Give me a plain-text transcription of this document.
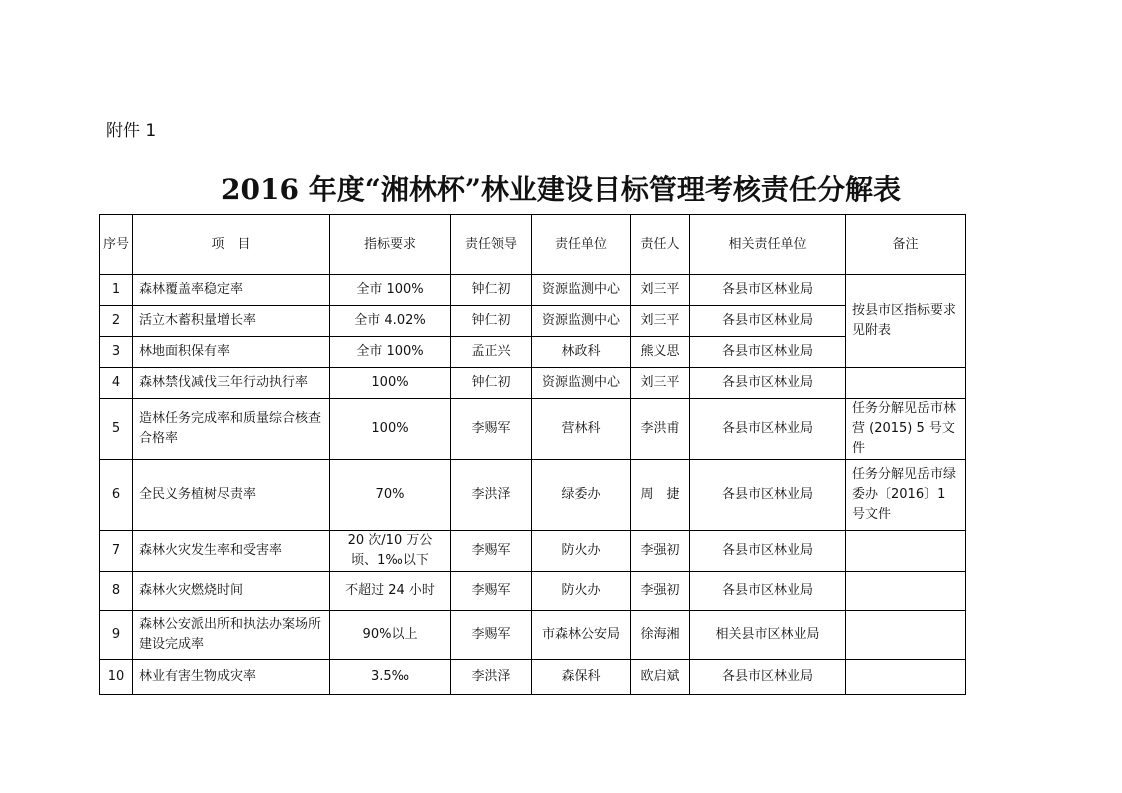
附件 1
2016 年度“湘林杯”林业建设目标管理考核责任分解表
序号	项　目	指标要求	责任领导	责任单位	责任人	相关责任单位	备注
1	森林覆盖率稳定率	全市 100%	钟仁初	资源监测中心	刘三平	各县市区林业局	按县市区指标要求见附表
2	活立木蓄积量增长率	全市 4.02%	钟仁初	资源监测中心	刘三平	各县市区林业局	
3	林地面积保有率	全市 100%	孟正兴	林政科	熊义思	各县市区林业局	
4	森林禁伐减伐三年行动执行率	100%	钟仁初	资源监测中心	刘三平	各县市区林业局	
5	造林任务完成率和质量综合核查合格率	100%	李赐军	营林科	李洪甫	各县市区林业局	任务分解见岳市林营 (2015) 5 号文件
6	全民义务植树尽责率	70%	李洪泽	绿委办	周　捷	各县市区林业局	任务分解见岳市绿委办〔2016〕1 号文件
7	森林火灾发生率和受害率	20 次/10 万公顷、1‰以下	李赐军	防火办	李强初	各县市区林业局	
8	森林火灾燃烧时间	不超过 24 小时	李赐军	防火办	李强初	各县市区林业局	
9	森林公安派出所和执法办案场所建设完成率	90%以上	李赐军	市森林公安局	徐海湘	相关县市区林业局	
10	林业有害生物成灾率	3.5‰	李洪泽	森保科	欧启斌	各县市区林业局	
